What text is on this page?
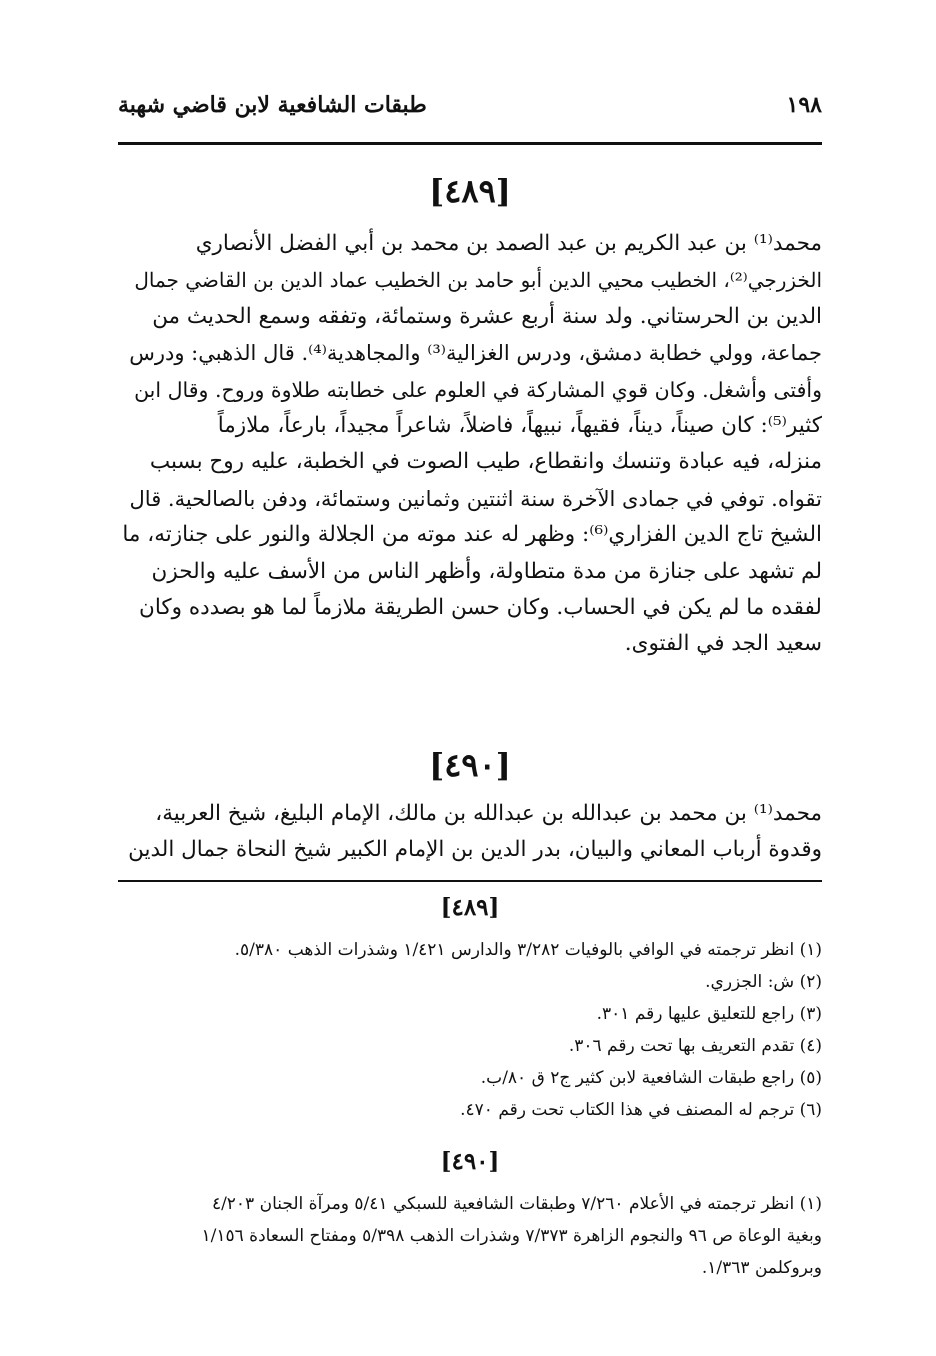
طبقات الشافعية لابن قاضي شهبة	١٩٨
[٤٨٩]
محمد⁽¹⁾ بن عبد الكريم بن عبد الصمد بن محمد بن أبي الفضل الأنصاري
الخزرجي⁽²⁾، الخطيب محيي الدين أبو حامد بن الخطيب عماد الدين بن القاضي جمال
الدين بن الحرستاني. ولد سنة أربع عشرة وستمائة، وتفقه وسمع الحديث من
جماعة، وولي خطابة دمشق، ودرس الغزالية⁽³⁾ والمجاهدية⁽⁴⁾. قال الذهبي: ودرس
وأفتى وأشغل. وكان قوي المشاركة في العلوم على خطابته طلاوة وروح. وقال ابن
كثير⁽⁵⁾: كان صيناً، ديناً، فقيهاً، نبيهاً، فاضلاً، شاعراً مجيداً، بارعاً، ملازماً
منزله، فيه عبادة وتنسك وانقطاع، طيب الصوت في الخطبة، عليه روح بسبب
تقواه. توفي في جمادى الآخرة سنة اثنتين وثمانين وستمائة، ودفن بالصالحية. قال
الشيخ تاج الدين الفزاري⁽⁶⁾: وظهر له عند موته من الجلالة والنور على جنازته، ما
لم تشهد على جنازة من مدة متطاولة، وأظهر الناس من الأسف عليه والحزن
لفقده ما لم يكن في الحساب. وكان حسن الطريقة ملازماً لما هو بصدده وكان
سعيد الجد في الفتوى.
[٤٩٠]
محمد⁽¹⁾ بن محمد بن عبدالله بن عبدالله بن مالك، الإمام البليغ، شيخ العربية،
وقدوة أرباب المعاني والبيان، بدر الدين بن الإمام الكبير شيخ النحاة جمال الدين
[٤٨٩]
(١) انظر ترجمته في الوافي بالوفيات ٣/٢٨٢ والدارس ١/٤٢١ وشذرات الذهب ٥/٣٨٠.
(٢) ش: الجزري.
(٣) راجع للتعليق عليها رقم ٣٠١.
(٤) تقدم التعريف بها تحت رقم ٣٠٦.
(٥) راجع طبقات الشافعية لابن كثير ج٢ ق ٨٠/ب.
(٦) ترجم له المصنف في هذا الكتاب تحت رقم ٤٧٠.
[٤٩٠]
(١) انظر ترجمته في الأعلام ٧/٢٦٠ وطبقات الشافعية للسبكي ٥/٤١ ومرآة الجنان ٤/٢٠٣
وبغية الوعاة ص ٩٦ والنجوم الزاهرة ٧/٣٧٣ وشذرات الذهب ٥/٣٩٨ ومفتاح السعادة ١/١٥٦
وبروكلمن ١/٣٦٣.
